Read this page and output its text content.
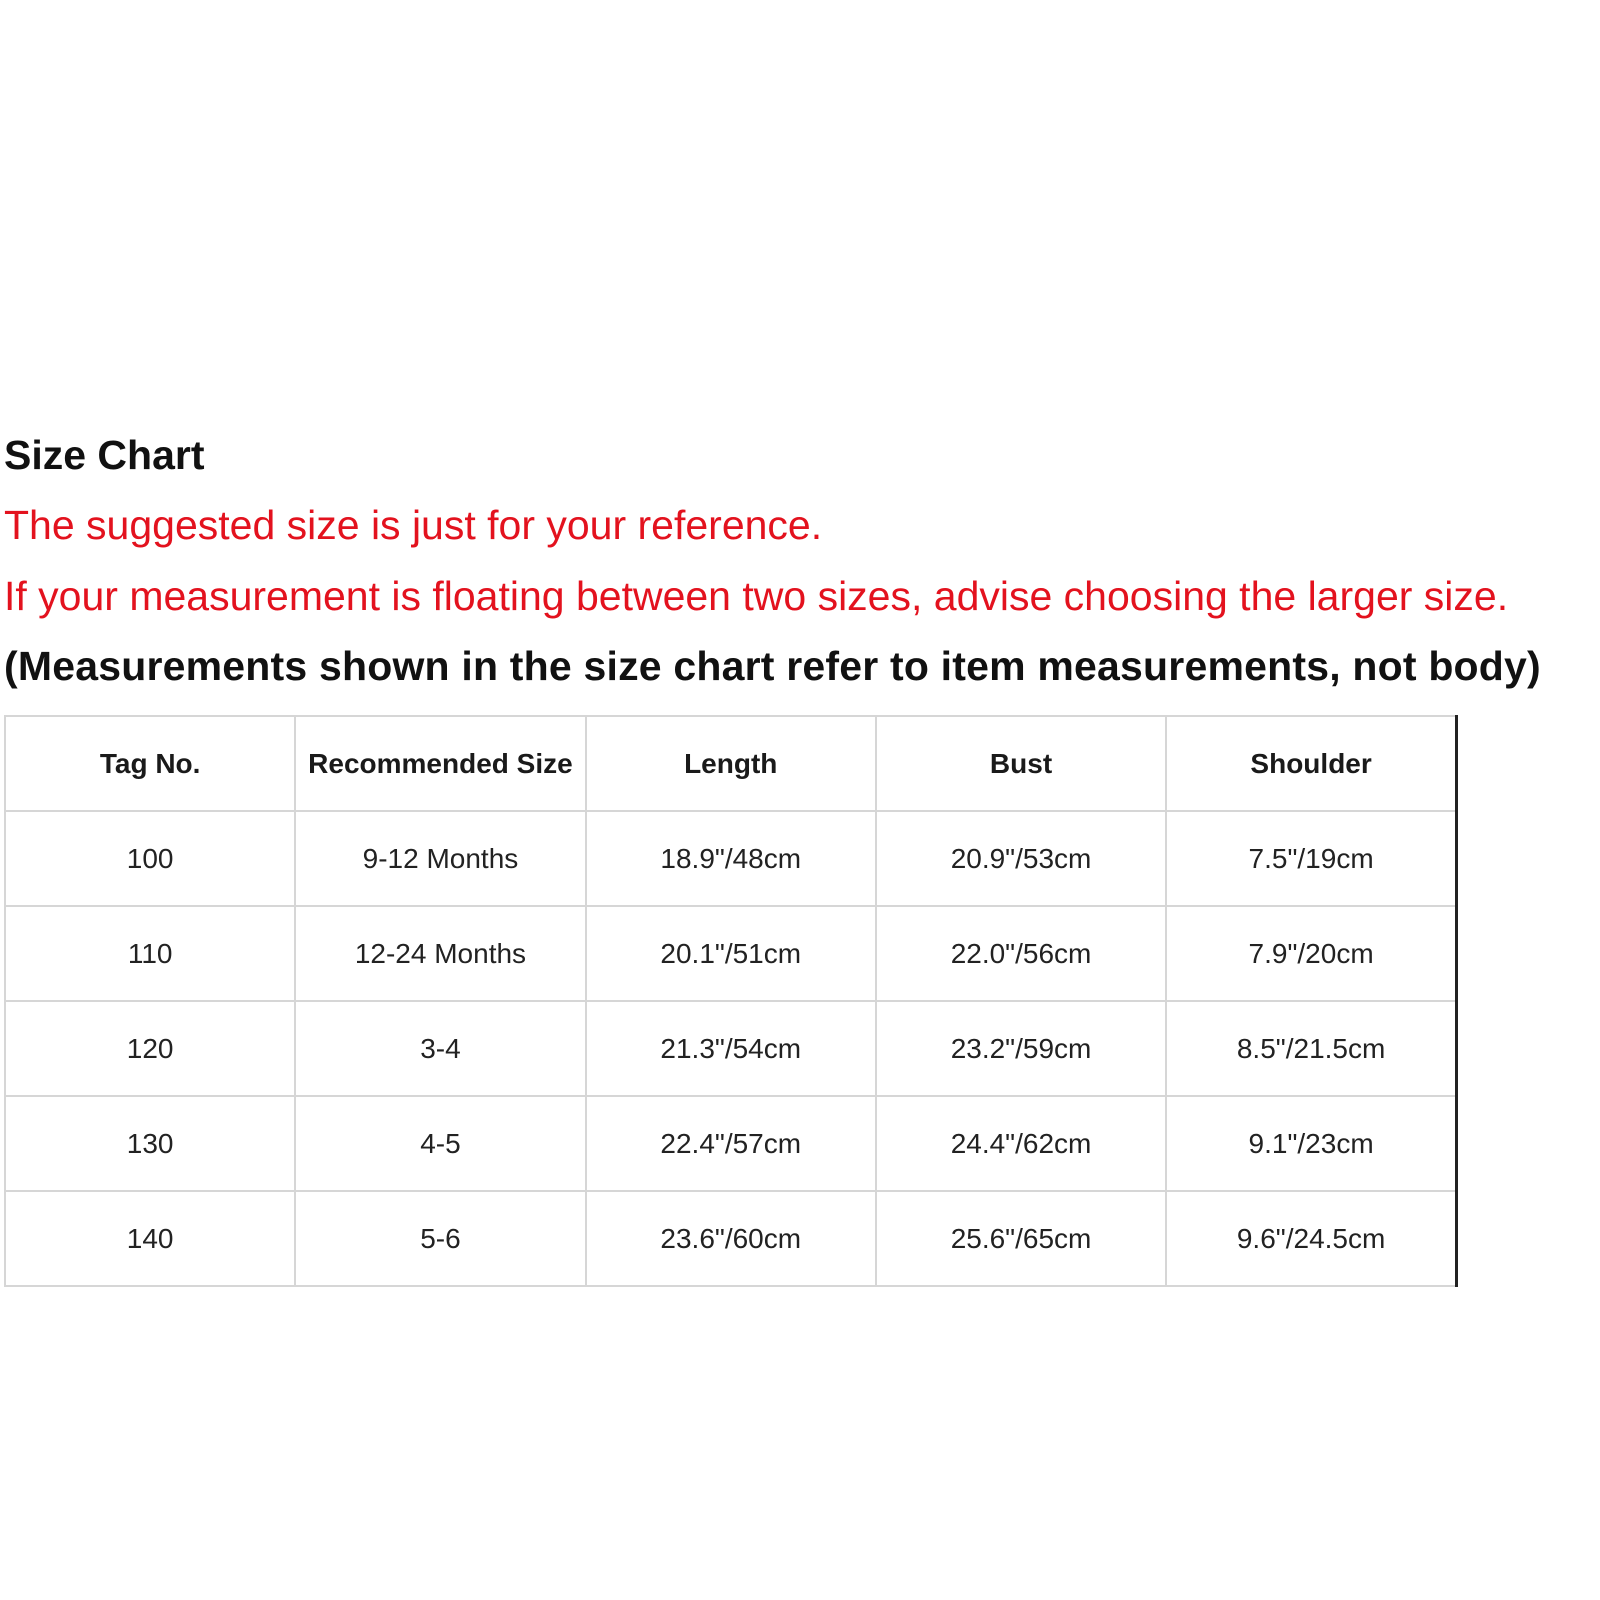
Size Chart
The suggested size is just for your reference.
If your measurement is floating between two sizes, advise choosing the larger size.
(Measurements shown in the size chart refer to item measurements, not body)
Tag No.	Recommended Size	Length	Bust	Shoulder
100	9-12 Months	18.9"/48cm	20.9"/53cm	7.5"/19cm
110	12-24 Months	20.1"/51cm	22.0"/56cm	7.9"/20cm
120	3-4	21.3"/54cm	23.2"/59cm	8.5"/21.5cm
130	4-5	22.4"/57cm	24.4"/62cm	9.1"/23cm
140	5-6	23.6"/60cm	25.6"/65cm	9.6"/24.5cm
